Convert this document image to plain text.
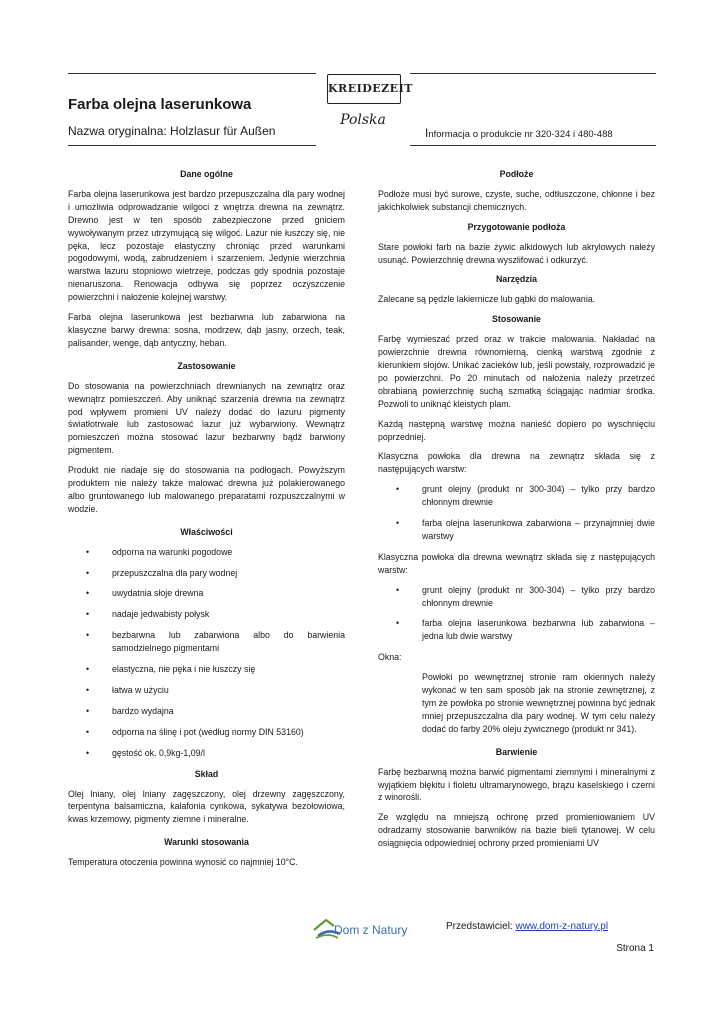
Farba olejna laserunkowa
Nazwa oryginalna: Holzlasur für Außen	Informacja o produkcie nr 320-324 i 480-488
KREIDEZEIT
Polska
Dane ogólne

Farba olejna laserunkowa jest bardzo przepuszczalna dla pary wodnej i umożliwia odprowadzanie wilgoci z wnętrza drewna na zewnątrz. Drewno jest w ten sposób zabezpieczone przed gniciem wywoływanym przez utrzymującą się wilgoć. Lazur nie łuszczy się, nie pęka, lecz pozostaje elastyczny chroniąc przed warunkami pogodowymi, wodą, zabrudzeniem i szarzeniem. Jedynie wierzchnia warstwa lazuru stopniowo wietrzeje, podczas gdy spodnia pozostaje nienaruszona. Renowacja odbywa się poprzez oczyszczenie powierzchni i nałożenie kolejnej warstwy.

Farba olejna laserunkowa jest bezbarwna lub zabarwiona na klasyczne barwy drewna: sosna, modrzew, dąb jasny, orzech, teak, palisander, wenge, dąb antyczny, heban.

Zastosowanie

Do stosowania na powierzchniach drewnianych na zewnątrz oraz wewnątrz pomieszczeń. Aby uniknąć szarzenia drewna na zewnątrz pod wpływem promieni UV należy dodać do lazuru pigmenty światłotrwałe lub zastosować lazur już wybarwiony. Wewnątrz pomieszczeń można stosować lazur bezbarwny bądź barwiony pigmentem.

Produkt nie nadaje się do stosowania na podłogach. Powyższym produktem nie należy także malować drewna już polakierowanego albo gruntowanego lub malowanego preparatami rozpuszczalnymi w wodzie.

Właściwości
•	odporna na warunki pogodowe
•	przepuszczalna dla pary wodnej
•	uwydatnia słoje drewna
•	nadaje jedwabisty połysk
•	bezbarwna lub zabarwiona albo do barwienia samodzielnego pigmentami
•	elastyczna, nie pęka i nie łuszczy się
•	łatwa w użyciu
•	bardzo wydajna
•	odporna na ślinę i pot (według normy DIN 53160)
•	gęstość ok. 0,9kg-1,09/l
Skład

Olej lniany, olej lniany zagęszczony, olej drzewny zagęszczony, terpentyna balsamiczna, kalafonia cynkowa, sykatywa bezołowiowa, kwas krzemowy, pigmenty ziemne i mineralne.

Warunki stosowania

Temperatura otoczenia powinna wynosić co najmniej 10°C.

Podłoże

Podłoże musi być surowe, czyste, suche, odtłuszczone, chłonne i bez jakichkolwiek substancji chemicznych.

Przygotowanie podłoża

Stare powłoki farb na bazie żywic alkidowych lub akrylowych należy usunąć. Powierzchnię drewna wyszlifować i odkurzyć.

Narzędzia

Zalecane są pędzle lakiernicze lub gąbki do malowania.

Stosowanie

Farbę wymieszać przed oraz w trakcie malowania. Nakładać na powierzchnie drewna równomierną, cienką warstwą zgodnie z kierunkiem słojów. Unikać zacieków lub, jeśli powstały, rozprowadzić je po powierzchni. Po 20 minutach od nałożenia należy przetrzeć obrabianą powierzchnię suchą szmatką ściągając nadmiar środka. Pozwoli to uniknąć kleistych plam.

Każdą następną warstwę można nanieść dopiero po wyschnięciu poprzedniej.

Klasyczna powłoka dla drewna na zewnątrz składa się z następujących warstw:

•	grunt olejny (produkt nr 300-304) – tylko przy bardzo chłonnym drewnie
•	farba olejna laserunkowa zabarwiona – przynajmniej dwie warstwy

Klasyczna powłoka dla drewna wewnątrz składa się z następujących warstw:

•	grunt olejny (produkt nr 300-304) – tylko przy bardzo chłonnym drewnie
•	farba olejna laserunkowa bezbarwna lub zabarwiona – jedna lub dwie warstwy

Okna:

Powłoki po wewnętrznej stronie ram okiennych należy wykonać w ten sam sposób jak na stronie zewnętrznej, z tym że powłoka po stronie wewnętrznej powinna być jednak mniej przepuszczalna dla pary wodnej. W tym celu należy dodać do farby 20% oleju żywicznego (produkt nr 341).

Barwienie

Farbę bezbarwną można barwić pigmentami ziemnymi i mineralnymi z wyjątkiem błękitu i fioletu ultramarynowego, brązu kaselskiego i czerni z winorośli.

Ze względu na mniejszą ochronę przed promieniowaniem UV odradzamy stosowanie barwników na bazie bieli tytanowej. W celu osiągnięcia odpowiedniej ochrony przed promieniami UV

Dom z Natury	Przedstawiciel: www.dom-z-natury.pl
Strona 1
